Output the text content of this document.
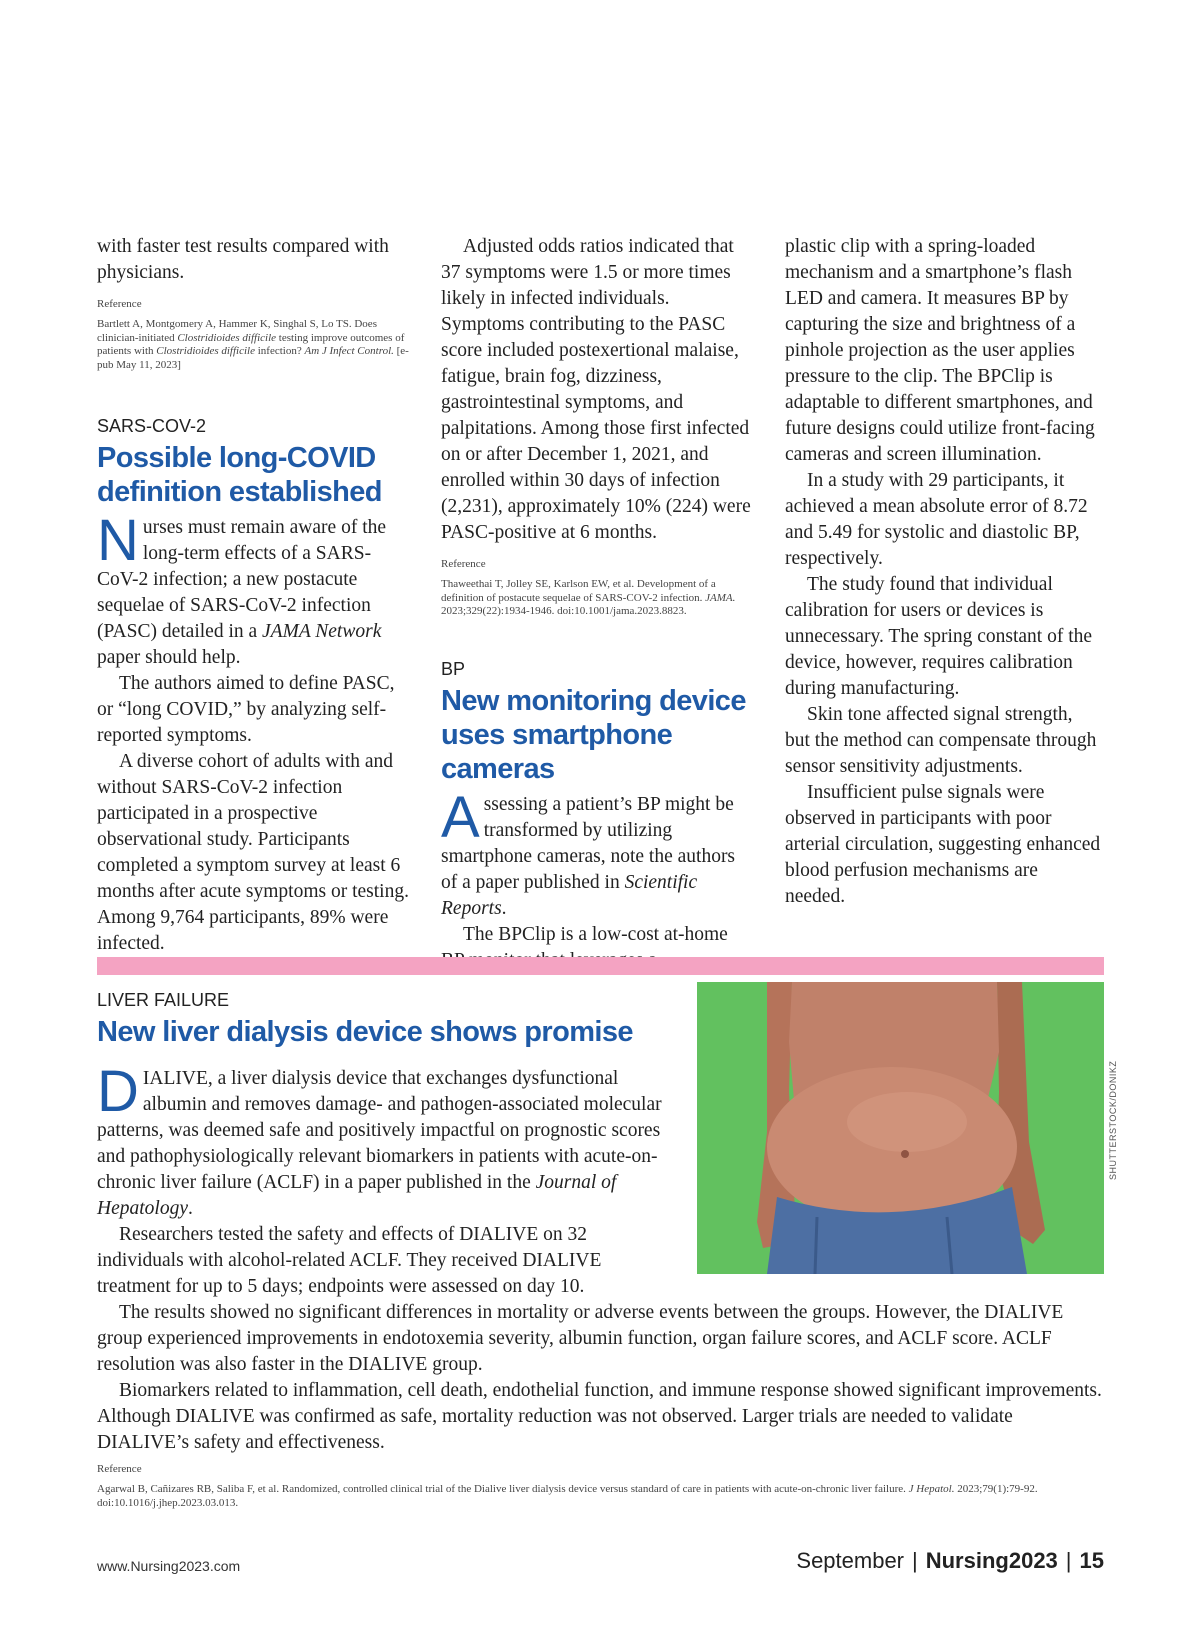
with faster test results compared with physicians.

Reference

Bartlett A, Montgomery A, Hammer K, Singhal S, Lo TS. Does clinician-initiated Clostridioides difficile testing improve outcomes of patients with Clostridioides difficile infection? Am J Infect Control. [e-pub May 11, 2023]

SARS-COV-2

Possible long-COVID definition established

Nurses must remain aware of the long-term effects of a SARS-CoV-2 infection; a new postacute sequelae of SARS-CoV-2 infection (PASC) detailed in a JAMA Network paper should help.

The authors aimed to define PASC, or “long COVID,” by analyzing self-reported symptoms.

A diverse cohort of adults with and without SARS-CoV-2 infection participated in a prospective observational study. Participants completed a symptom survey at least 6 months after acute symptoms or testing. Among 9,764 participants, 89% were infected.

Adjusted odds ratios indicated that 37 symptoms were 1.5 or more times likely in infected individuals. Symptoms contributing to the PASC score included postexertional malaise, fatigue, brain fog, dizziness, gastrointestinal symptoms, and palpitations. Among those first infected on or after December 1, 2021, and enrolled within 30 days of infection (2,231), approximately 10% (224) were PASC-positive at 6 months.

Reference

Thaweethai T, Jolley SE, Karlson EW, et al. Development of a definition of postacute sequelae of SARS-COV-2 infection. JAMA. 2023;329(22):1934-1946. doi:10.1001/jama.2023.8823.

BP

New monitoring device uses smartphone cameras

Assessing a patient’s BP might be transformed by utilizing smartphone cameras, note the authors of a paper published in Scientific Reports.

The BPClip is a low-cost at-home

plastic clip with a spring-loaded mechanism and a smartphone’s flash LED and camera. It measures BP by capturing the size and brightness of a pinhole projection as the user applies pressure to the clip. The BPClip is adaptable to different smartphones, and future designs could utilize front-facing cameras and screen illumination.

In a study with 29 participants, it achieved a mean absolute error of 8.72 and 5.49 for systolic and diastolic BP, respectively.

The study found that individual calibration for users or devices is unnecessary. The spring constant of the device, however, requires calibration during manufacturing.

Skin tone affected signal strength, but the method can compensate through sensor sensitivity adjustments.

Insufficient pulse signals were observed in participants with poor arterial circulation, suggesting enhanced blood perfusion mechanisms are needed.

LIVER FAILURE

New liver dialysis device shows promise
SHUTTERSTOCK/DONIKZ

DIALIVE, a liver dialysis device that exchanges dysfunctional albumin and removes damage- and pathogen-associated molecular patterns, was deemed safe and positively impactful on prognostic scores and pathophysiologically relevant biomarkers in patients with acute-on-chronic liver failure (ACLF) in a paper published in the Journal of Hepatology.

Researchers tested the safety and effects of DIALIVE on 32 individuals with alcohol-related ACLF. They received DIALIVE treatment for up to 5 days; endpoints were assessed on day 10.

The results showed no significant differences in mortality or adverse events between the groups. However, the DIALIVE group experienced improvements in endotoxemia severity, albumin function, organ failure scores, and ACLF score. ACLF resolution was also faster in the DIALIVE group.

Biomarkers related to inflammation, cell death, endothelial function, and immune response showed significant improvements. Although DIALIVE was confirmed as safe, mortality reduction was not observed. Larger trials are needed to validate DIALIVE’s safety and effectiveness.

Reference

Agarwal B, Cañizares RB, Saliba F, et al. Randomized, controlled clinical trial of the Dialive liver dialysis device versus standard of care in patients with acute-on-chronic liver failure. J Hepatol. 2023;79(1):79-92. doi:10.1016/j.jhep.2023.03.013.

www.Nursing2023.com	September | Nursing2023 | 15
